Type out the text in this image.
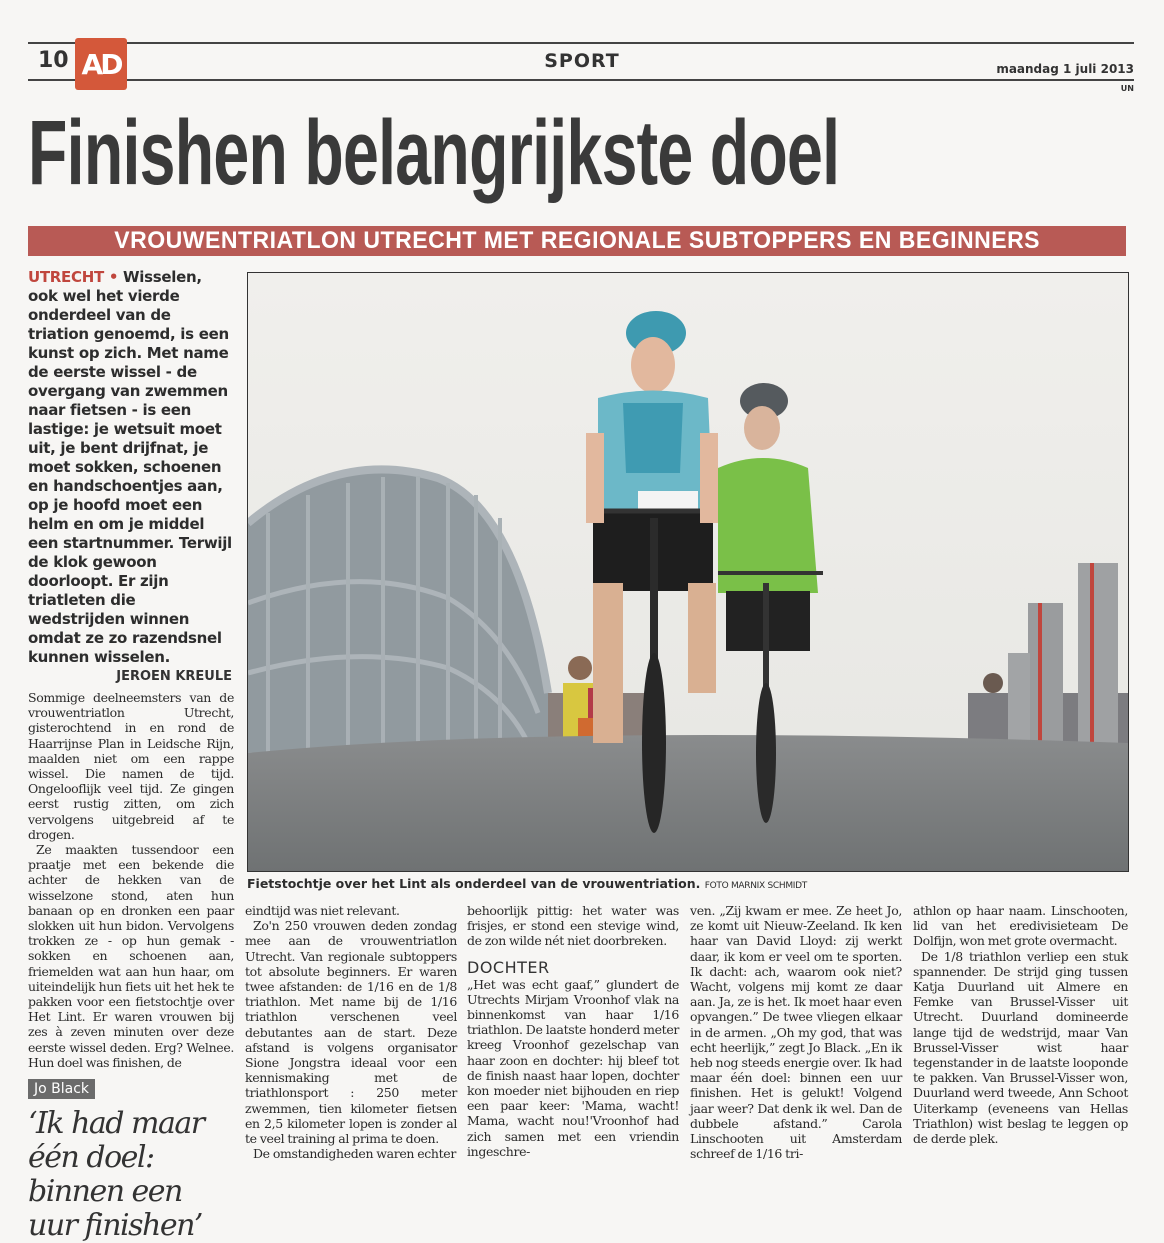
10 AD	SPORT	maandag 1 juli 2013
UN
Finishen belangrijkste doel
VROUWENTRIATLON UTRECHT MET REGIONALE SUBTOPPERS EN BEGINNERS
UTRECHT • Wisselen, ook wel het vierde onderdeel van de triation genoemd, is een kunst op zich. Met name de eerste wissel - de overgang van zwemmen naar fietsen - is een lastige: je wetsuit moet uit, je bent drijfnat, je moet sokken, schoenen en handschoentjes aan, op je hoofd moet een helm en om je middel een startnummer. Terwijl de klok gewoon doorloopt. Er zijn triatleten die wedstrijden winnen omdat ze zo razendsnel kunnen wisselen.
JEROEN KREULE

Sommige deelneemsters van de vrouwentriatlon Utrecht, gisterochtend in en rond de Haarrijnse Plan in Leidsche Rijn, maalden niet om een rappe wissel. Die namen de tijd. Ongelooflijk veel tijd. Ze gingen eerst rustig zitten, om zich vervolgens uitgebreid af te drogen.

Ze maakten tussendoor een praatje met een bekende die achter de hekken van de wisselzone stond, aten hun banaan op en dronken een paar slokken uit hun bidon. Vervolgens trokken ze - op hun gemak - sokken en schoenen aan, friemelden wat aan hun haar, om uiteindelijk hun fiets uit het hek te pakken voor een fietstochtje over Het Lint. Er waren vrouwen bij zes à zeven minuten over deze eerste wissel deden. Erg? Welnee. Hun doel was finishen, de

Jo Black
‘Ik had maar één doel: binnen een uur finishen’
Fietstochtje over het Lint als onderdeel van de vrouwentriation. FOTO MARNIX SCHMIDT

eindtijd was niet relevant.

Zo'n 250 vrouwen deden zondag mee aan de vrouwentriatlon Utrecht. Van regionale subtoppers tot absolute beginners. Er waren twee afstanden: de 1/16 en de 1/8 triathlon. Met name bij de 1/16 triathlon verschenen veel debutantes aan de start. Deze afstand is volgens organisator Sione Jongstra ideaal voor een kennismaking met de triathlonsport : 250 meter zwemmen, tien kilometer fietsen en 2,5 kilometer lopen is zonder al te veel training al prima te doen.

De omstandigheden waren echter

behoorlijk pittig: het water was frisjes, er stond een stevige wind, de zon wilde nét niet doorbreken.

DOCHTER

„Het was echt gaaf,” glundert de Utrechts Mirjam Vroonhof vlak na binnenkomst van haar 1/16 triathlon. De laatste honderd meter kreeg Vroonhof gezelschap van haar zoon en dochter: hij bleef tot de finish naast haar lopen, dochter kon moeder niet bijhouden en riep een paar keer: 'Mama, wacht! Mama, wacht nou!'Vroonhof had zich samen met een vriendin ingeschre-

ven. „Zij kwam er mee. Ze heet Jo, ze komt uit Nieuw-Zeeland. Ik ken haar van David Lloyd: zij werkt daar, ik kom er veel om te sporten. Ik dacht: ach, waarom ook niet? Wacht, volgens mij komt ze daar aan. Ja, ze is het. Ik moet haar even opvangen.” De twee vliegen elkaar in de armen. „Oh my god, that was echt heerlijk,” zegt Jo Black. „En ik heb nog steeds energie over. Ik had maar één doel: binnen een uur finishen. Het is gelukt! Volgend jaar weer? Dat denk ik wel. Dan de dubbele afstand.” Carola Linschooten uit Amsterdam schreef de 1/16 tri-

athlon op haar naam. Linschooten, lid van het eredivisieteam De Dolfijn, won met grote overmacht.

De 1/8 triathlon verliep een stuk spannender. De strijd ging tussen Katja Duurland uit Almere en Femke van Brussel-Visser uit Utrecht. Duurland domineerde lange tijd de wedstrijd, maar Van Brussel-Visser wist haar tegenstander in de laatste looponde te pakken. Van Brussel-Visser won, Duurland werd tweede, Ann Schoot Uiterkamp (eveneens van Hellas Triathlon) wist beslag te leggen op de derde plek.
